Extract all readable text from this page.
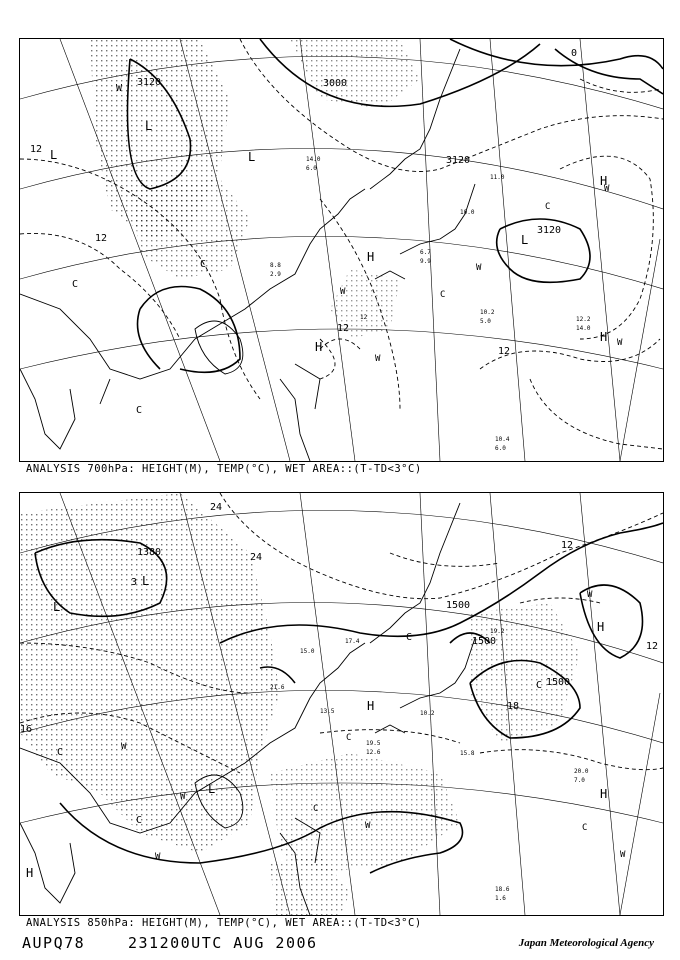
3000
3120
3120
3120
12
12
12
12
0
L
L
L
L
H
H
H
H
W
W
W
W
W
W
C
C
C
C
C
14.0
6.0
11.0
10.0
10.2
12.2
14.0
10.4
6.0
5.0
12
8.8
2.9
6.7
9.9
ANALYSIS 700hPa: HEIGHT(M), TEMP(°C), WET AREA::(T-TD<3°C)
1500
1500
1500
1380
24
24
16
18
12
12
3 L
L
L
H
H
H
H
W
W
W
W
W
W
C
C
C
C
C
C
C
19.5
12.6
20.0
7.0
18.6
1.6
19.2
15.0
17.4
13.5
21.6
10.2
15.8
ANALYSIS 850hPa: HEIGHT(M), TEMP(°C), WET AREA::(T-TD<3°C)
AUPQ78	231200UTC AUG 2006	Japan Meteorological Agency
